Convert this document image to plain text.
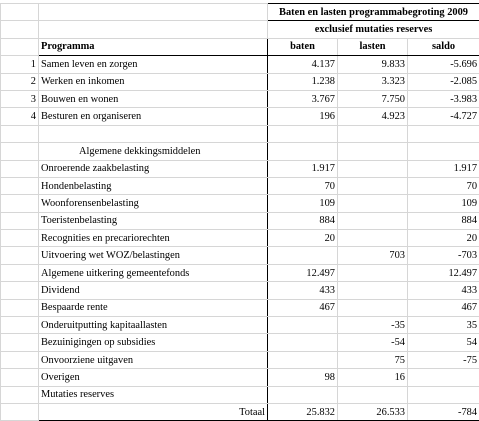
		Baten en lasten programmabegroting 2009		
		exclusief mutaties reserves		
	Programma	baten	lasten	saldo
1	Samen leven en zorgen	4.137	9.833	-5.696
2	Werken en inkomen	1.238	3.323	-2.085
3	Bouwen en wonen	3.767	7.750	-3.983
4	Besturen en organiseren	196	4.923	-4.727

	Algemene dekkingsmiddelen			
	Onroerende zaakbelasting	1.917		1.917
	Hondenbelasting	70		70
	Woonforensenbelasting	109		109
	Toeristenbelasting	884		884
	Recognities en precariorechten	20		20
	Uitvoering wet WOZ/belastingen		703	-703
	Algemene uitkering gemeentefonds	12.497		12.497
	Dividend	433		433
	Bespaarde rente	467		467
	Onderuitputting kapitaallasten		-35	35
	Bezuinigingen op subsidies		-54	54
	Onvoorziene uitgaven		75	-75
	Overigen	98	16	
	Mutaties reserves			
	Totaal	25.832	26.533	-784
